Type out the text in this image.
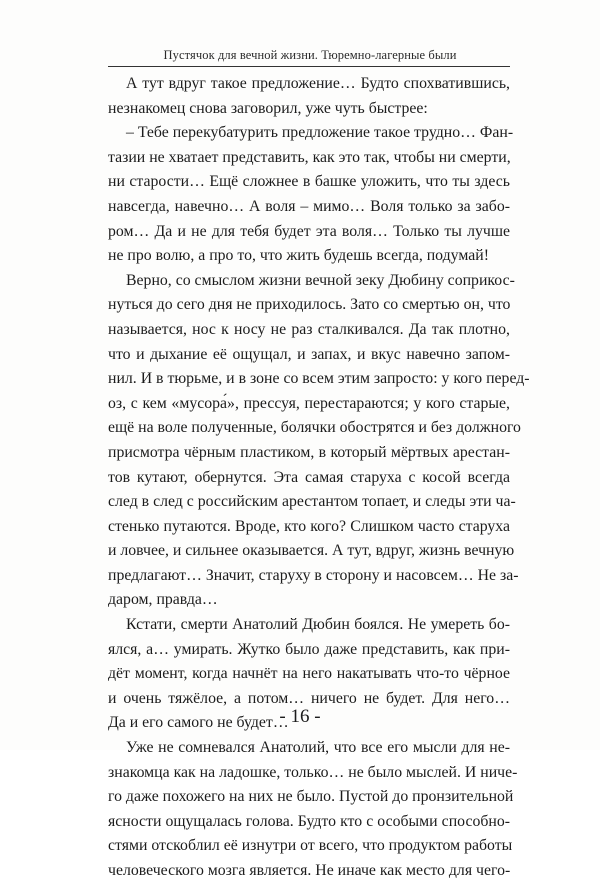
Пустячок для вечной жизни. Тюремно-лагерные были

А тут вдруг такое предложение… Будто спохватившись,
незнакомец снова заговорил, уже чуть быстрее:

– Тебе перекубатурить предложение такое трудно… Фан-
тазии не хватает представить, как это так, чтобы ни смерти,
ни старости… Ещё сложнее в башке уложить, что ты здесь
навсегда, навечно… А воля – мимо… Воля только за забо-
ром… Да и не для тебя будет эта воля… Только ты лучше
не про волю, а про то, что жить будешь всегда, подумай!

Верно, со смыслом жизни вечной зеку Дюбину соприкос-
нуться до сего дня не приходилось. Зато со смертью он, что
называется, нос к носу не раз сталкивался. Да так плотно,
что и дыхание её ощущал, и запах, и вкус навечно запом-
нил. И в тюрьме, и в зоне со всем этим запросто: у кого перед-
оз, с кем «мусора́», прессуя, перестараются; у кого старые,
ещё на воле полученные, болячки обострятся и без должного
присмотра чёрным пластиком, в который мёртвых арестан-
тов кутают, обернутся. Эта самая старуха с косой всегда
след в след с российским арестантом топает, и следы эти ча-
стенько путаются. Вроде, кто кого? Слишком часто старуха
и ловчее, и сильнее оказывается. А тут, вдруг, жизнь вечную
предлагают… Значит, старуху в сторону и насовсем… Не за-
даром, правда…

Кстати, смерти Анатолий Дюбин боялся. Не умереть бо-
ялся, а… умирать. Жутко было даже представить, как при-
дёт момент, когда начнёт на него накатывать что-то чёрное
и очень тяжёлое, а потом… ничего не будет. Для него…
Да и его самого не будет…

Уже не сомневался Анатолий, что все его мысли для не-
знакомца как на ладошке, только… не было мыслей. И ниче-
го даже похожего на них не было. Пустой до пронзительной
ясности ощущалась голова. Будто кто с особыми способно-
стями отскоблил её изнутри от всего, что продуктом работы
человеческого мозга является. Не иначе как место для чего-

- 16 -
